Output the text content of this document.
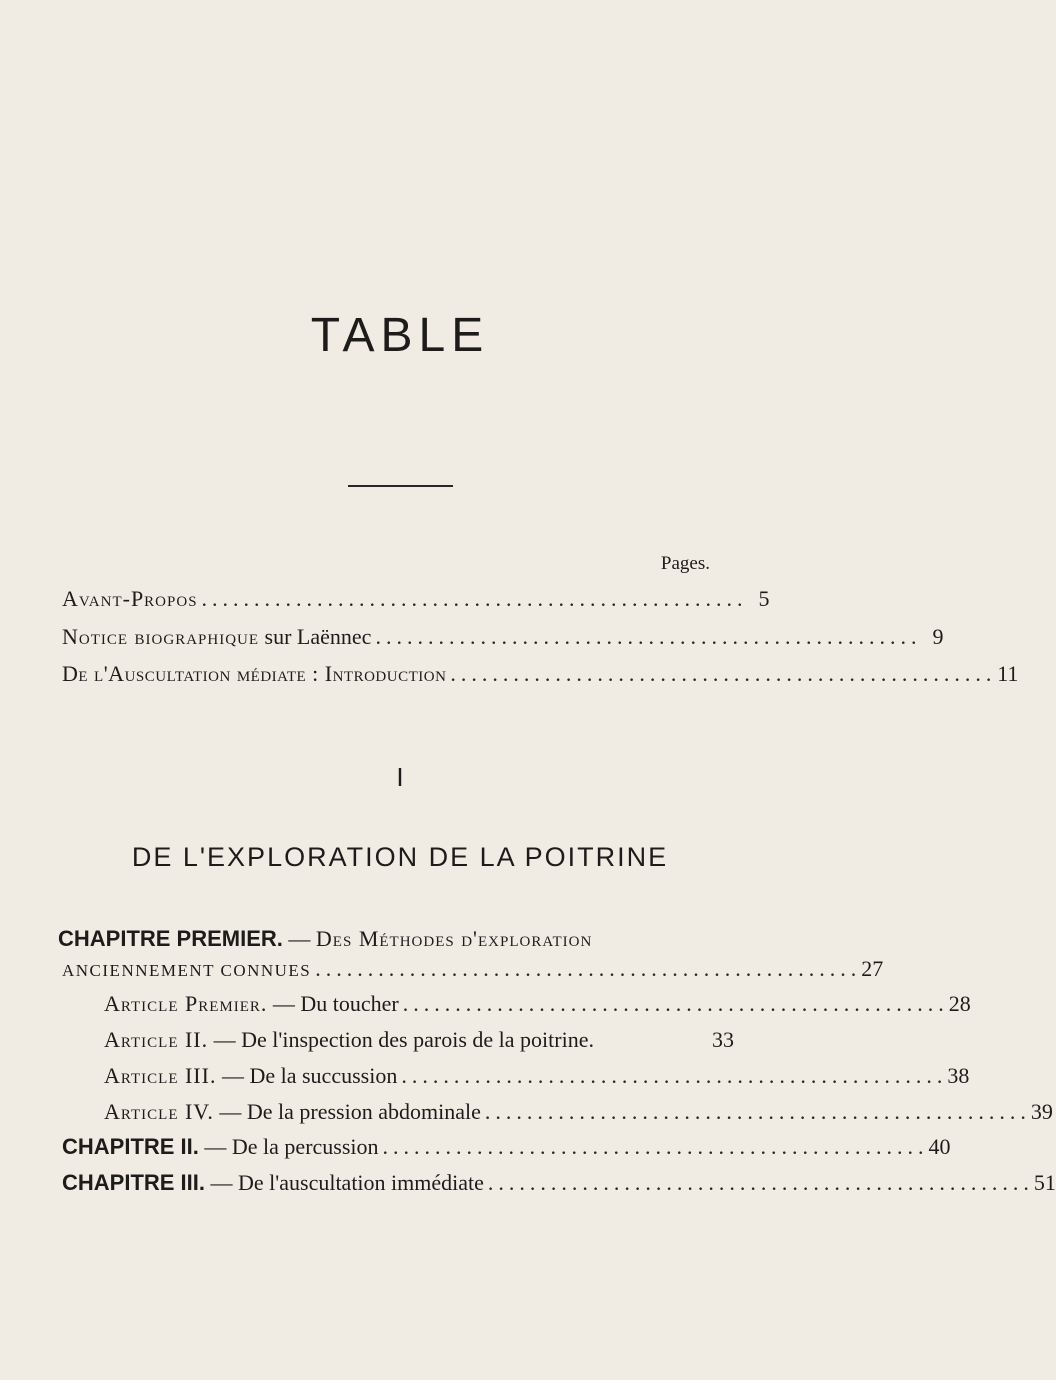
TABLE
Pages.
Avant-Propos .................................................... 5
Notice biographique sur Laënnec .................................................... 9
De l'Auscultation médiate : Introduction .................................................... 11
I
DE L'EXPLORATION DE LA POITRINE
CHAPITRE PREMIER. — Des Méthodes d'exploration
ANCIENNEMENT CONNUES .................................................... 27
Article Premier. — Du toucher .................................................... 28
Article II. — De l'inspection des parois de la poitrine.	33
Article III. — De la succussion .................................................... 38
Article IV. — De la pression abdominale .................................................... 39
CHAPITRE II. — De la percussion .................................................... 40
CHAPITRE III. — De l'auscultation immédiate .................................................... 51
